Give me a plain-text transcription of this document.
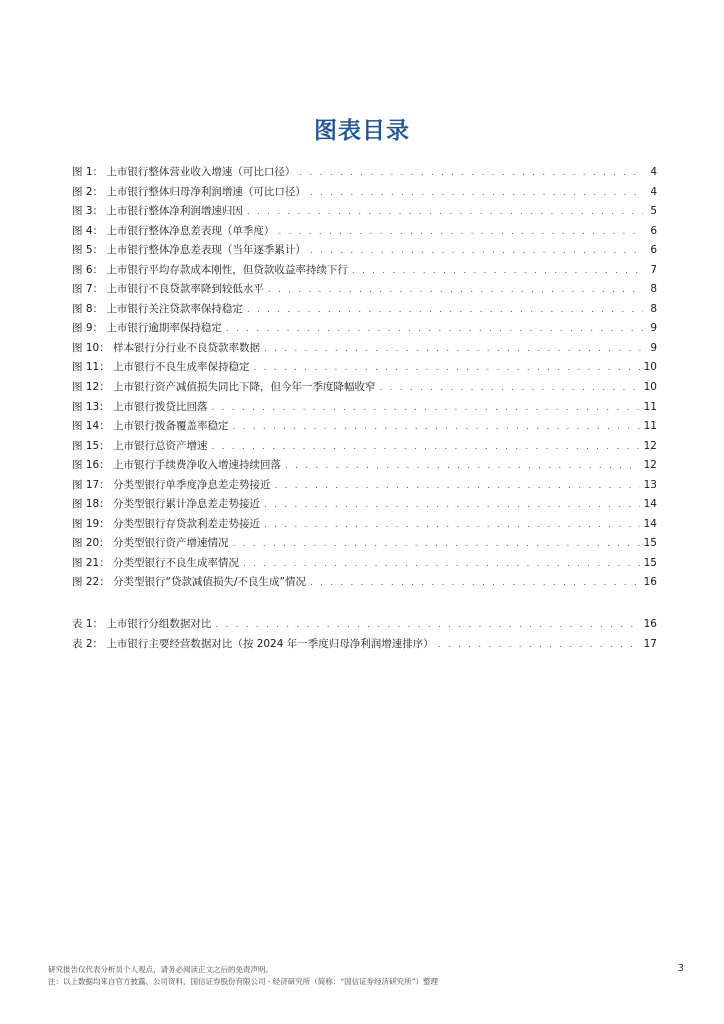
图表目录
图 1： 上市银行整体营业收入增速（可比口径） . . .	4
图 2： 上市银行整体归母净利润增速（可比口径） . . .	4
图 3： 上市银行整体净利润增速归因 . . .	5
图 4： 上市银行整体净息差表现（单季度） . . .	6
图 5： 上市银行整体净息差表现（当年逐季累计） . . .	6
图 6： 上市银行平均存款成本刚性，但贷款收益率持续下行 . . .	7
图 7： 上市银行不良贷款率降到较低水平 . . .	8
图 8： 上市银行关注贷款率保持稳定 . . .	8
图 9： 上市银行逾期率保持稳定 . . .	9
图 10： 样本银行分行业不良贷款率数据 . . .	9
图 11： 上市银行不良生成率保持稳定 . . .	10
图 12： 上市银行资产减值损失同比下降，但今年一季度降幅收窄 . . .	10
图 13： 上市银行拨贷比回落 . . .	11
图 14： 上市银行拨备覆盖率稳定 . . .	11
图 15： 上市银行总资产增速 . . .	12
图 16： 上市银行手续费净收入增速持续回落 . . .	12
图 17： 分类型银行单季度净息差走势接近 . . .	13
图 18： 分类型银行累计净息差走势接近 . . .	14
图 19： 分类型银行存贷款利差走势接近 . . .	14
图 20： 分类型银行资产增速情况 . . .	15
图 21： 分类型银行不良生成率情况 . . .	15
图 22： 分类型银行“贷款减值损失/不良生成”情况 . . .	16
表 1： 上市银行分组数据对比 . . .	16
表 2： 上市银行主要经营数据对比（按 2024 年一季度归母净利润增速排序） . . .	17
研究报告仅代表分析员个人观点，请务必阅读正文之后的免责声明。
注：以上数据均来自官方披露、公司资料，国信证券股份有限公司 - 经济研究所（简称：“国信证券经济研究所”）整理
3
